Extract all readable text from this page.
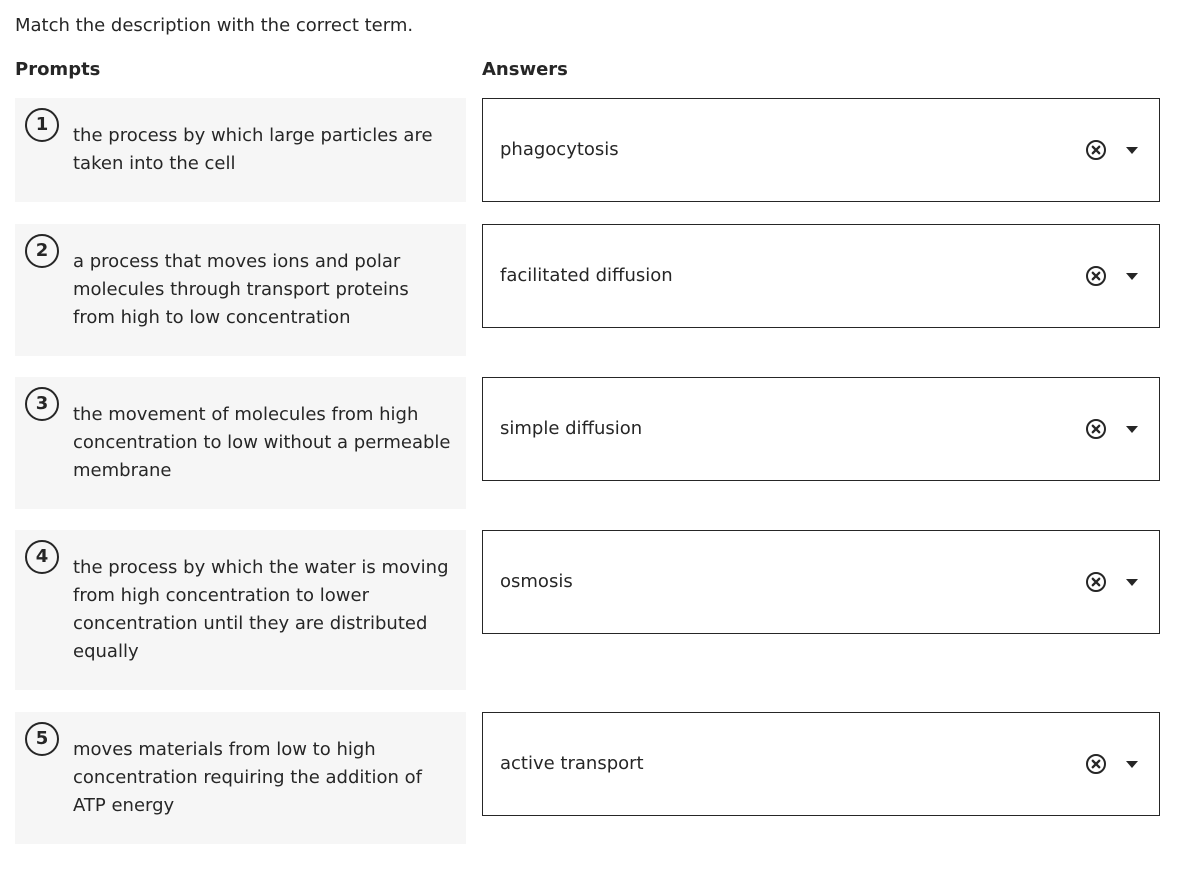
Match the description with the correct term.
Prompts	Answers
1
the process by which large particles are taken into the cell
phagocytosis
2
a process that moves ions and polar molecules through transport proteins from high to low concentration
facilitated diffusion
3
the movement of molecules from high concentration to low without a permeable membrane
simple diffusion
4
the process by which the water is moving from high concentration to lower concentration until they are distributed equally
osmosis
5
moves materials from low to high concentration requiring the addition of ATP energy
active transport
